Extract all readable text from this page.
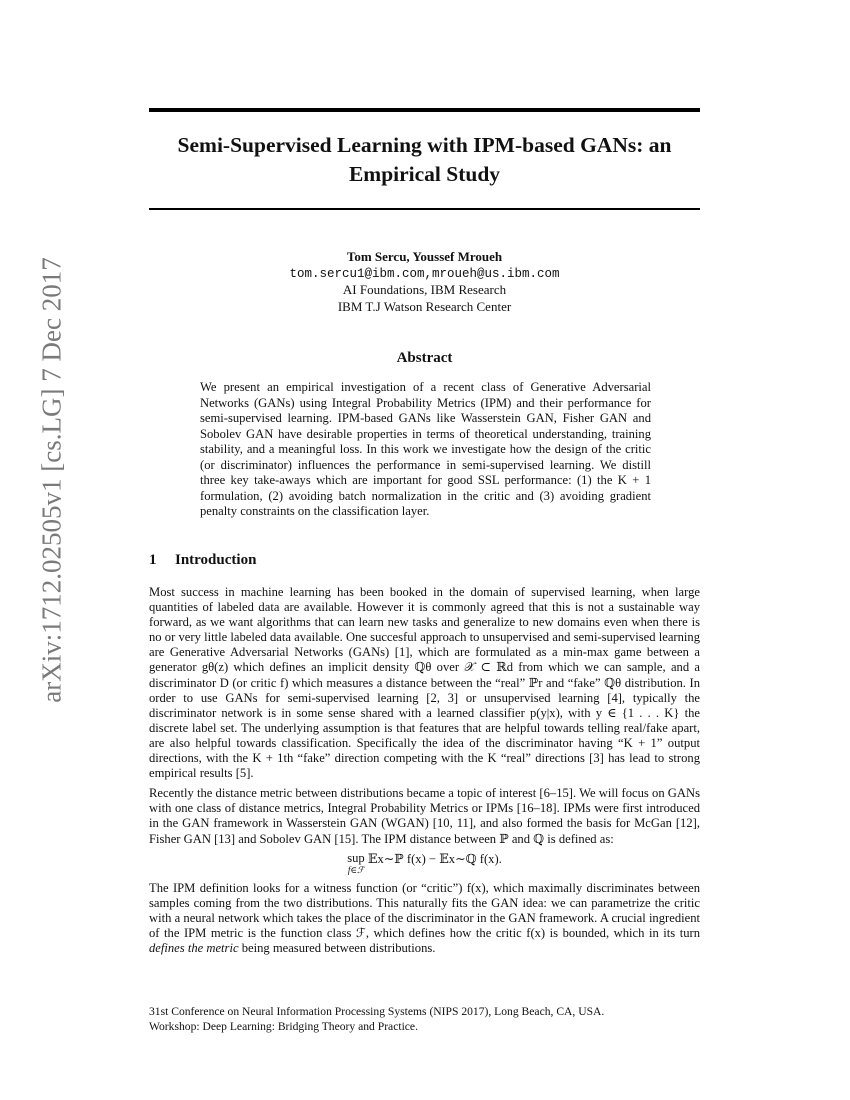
arXiv:1712.02505v1 [cs.LG] 7 Dec 2017
Semi-Supervised Learning with IPM-based GANs: an
Empirical Study
Tom Sercu, Youssef Mroueh
tom.sercu1@ibm.com,mroueh@us.ibm.com
AI Foundations, IBM Research
IBM T.J Watson Research Center
Abstract
We present an empirical investigation of a recent class of Generative Adversarial Networks (GANs) using Integral Probability Metrics (IPM) and their performance for semi-supervised learning. IPM-based GANs like Wasserstein GAN, Fisher GAN and Sobolev GAN have desirable properties in terms of theoretical understanding, training stability, and a meaningful loss. In this work we investigate how the design of the critic (or discriminator) influences the performance in semi-supervised learning. We distill three key take-aways which are important for good SSL performance: (1) the K + 1 formulation, (2) avoiding batch normalization in the critic and (3) avoiding gradient penalty constraints on the classification layer.
1 Introduction

Most success in machine learning has been booked in the domain of supervised learning, when large quantities of labeled data are available. However it is commonly agreed that this is not a sustainable way forward, as we want algorithms that can learn new tasks and generalize to new domains even when there is no or very little labeled data available. One succesful approach to unsupervised and semi-supervised learning are Generative Adversarial Networks (GANs) [1], which are formulated as a min-max game between a generator gθ(z) which defines an implicit density ℚθ over 𝒳 ⊂ ℝd from which we can sample, and a discriminator D (or critic f) which measures a distance between the “real” ℙr and “fake” ℚθ distribution. In order to use GANs for semi-supervised learning [2, 3] or unsupervised learning [4], typically the discriminator network is in some sense shared with a learned classifier p(y|x), with y ∈ {1 . . . K} the discrete label set. The underlying assumption is that features that are helpful towards telling real/fake apart, are also helpful towards classification. Specifically the idea of the discriminator having “K + 1” output directions, with the K + 1th “fake” direction competing with the K “real” directions [3] has lead to strong empirical results [5].

Recently the distance metric between distributions became a topic of interest [6–15]. We will focus on GANs with one class of distance metrics, Integral Probability Metrics or IPMs [16–18]. IPMs were first introduced in the GAN framework in Wasserstein GAN (WGAN) [10, 11], and also formed the basis for McGan [12], Fisher GAN [13] and Sobolev GAN [15]. The IPM distance between ℙ and ℚ is defined as:

sup
f∈ℱ
𝔼x∼ℙ f(x) − 𝔼x∼ℚ f(x).

The IPM definition looks for a witness function (or “critic”) f(x), which maximally discriminates between samples coming from the two distributions. This naturally fits the GAN idea: we can parametrize the critic with a neural network which takes the place of the discriminator in the GAN framework. A crucial ingredient of the IPM metric is the function class ℱ, which defines how the critic f(x) is bounded, which in its turn defines the metric being measured between distributions.

31st Conference on Neural Information Processing Systems (NIPS 2017), Long Beach, CA, USA.
Workshop: Deep Learning: Bridging Theory and Practice.
